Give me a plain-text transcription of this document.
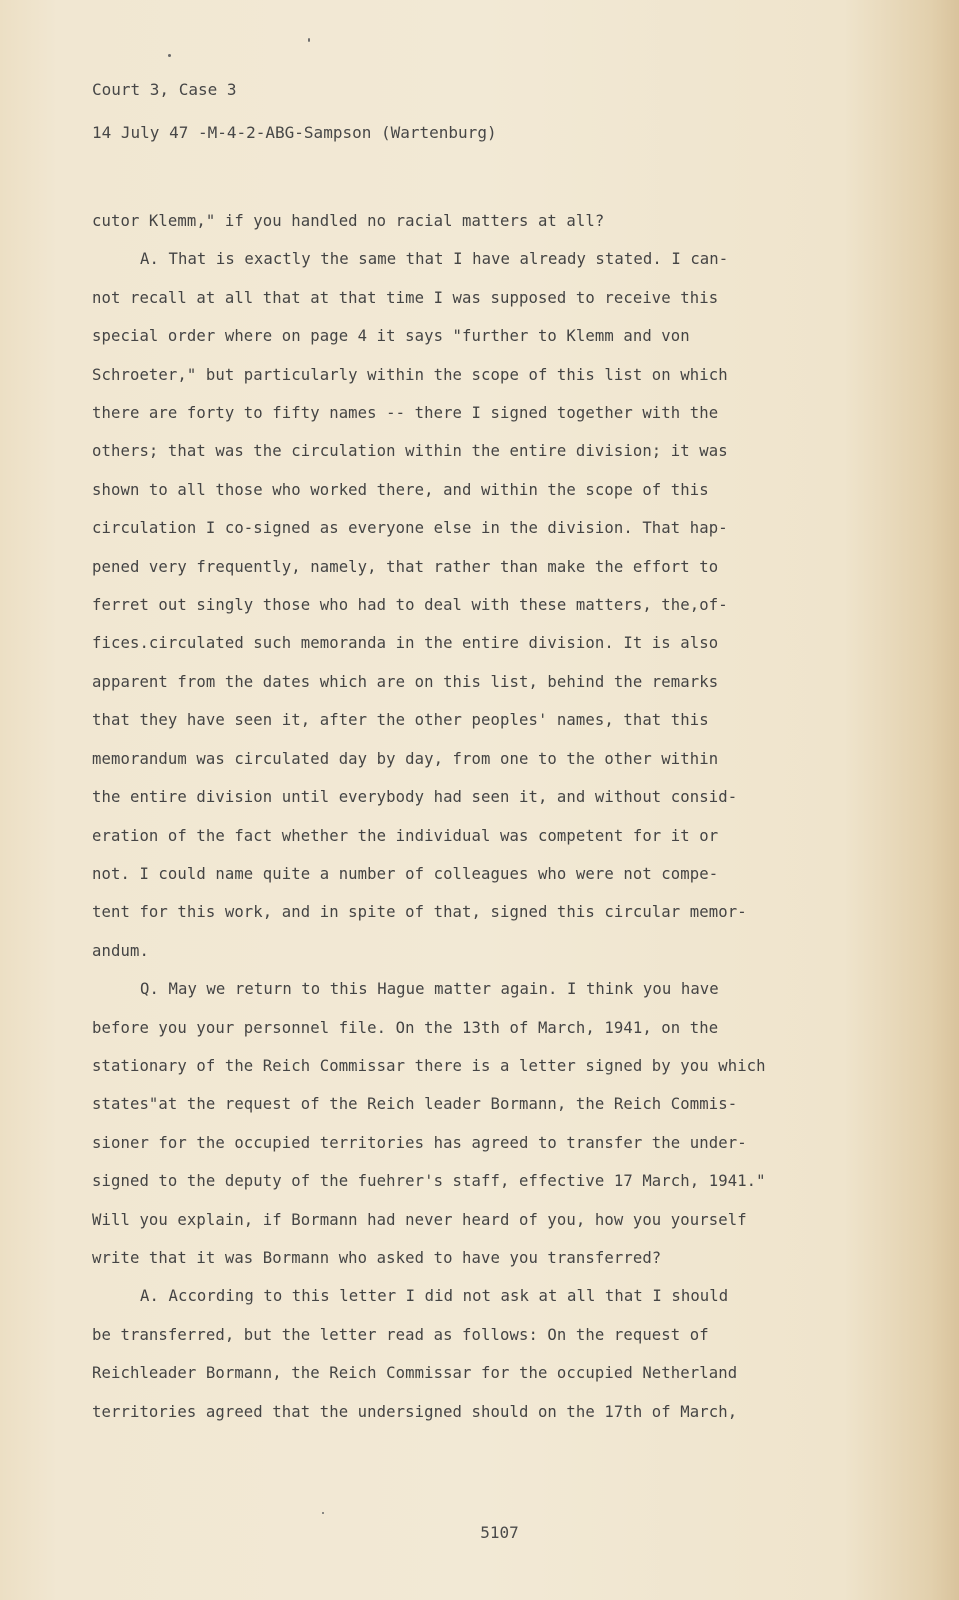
Court 3, Case 3
14 July 47 -M-4-2-ABG-Sampson (Wartenburg)
cutor Klemm," if you handled no racial matters at all?
A. That is exactly the same that I have already stated. I can-
not recall at all that at that time I was supposed to receive this
special order where on page 4 it says "further to Klemm and von
Schroeter," but particularly within the scope of this list on which
there are forty to fifty names -- there I signed together with the
others; that was the circulation within the entire division; it was
shown to all those who worked there, and within the scope of this
circulation I co-signed as everyone else in the division. That hap-
pened very frequently, namely, that rather than make the effort to
ferret out singly those who had to deal with these matters, the,of-
fices.circulated such memoranda in the entire division. It is also
apparent from the dates which are on this list, behind the remarks
that they have seen it, after the other peoples' names, that this
memorandum was circulated day by day, from one to the other within
the entire division until everybody had seen it, and without consid-
eration of the fact whether the individual was competent for it or
not. I could name quite a number of colleagues who were not compe-
tent for this work, and in spite of that, signed this circular memor-
andum.
Q. May we return to this Hague matter again. I think you have
before you your personnel file. On the 13th of March, 1941, on the
stationary of the Reich Commissar there is a letter signed by you which
states"at the request of the Reich leader Bormann, the Reich Commis-
sioner for the occupied territories has agreed to transfer the under-
signed to the deputy of the fuehrer's staff, effective 17 March, 1941."
Will you explain, if Bormann had never heard of you, how you yourself
write that it was Bormann who asked to have you transferred?
A. According to this letter I did not ask at all that I should
be transferred, but the letter read as follows: On the request of
Reichleader Bormann, the Reich Commissar for the occupied Netherland
territories agreed that the undersigned should on the 17th of March,
5107
